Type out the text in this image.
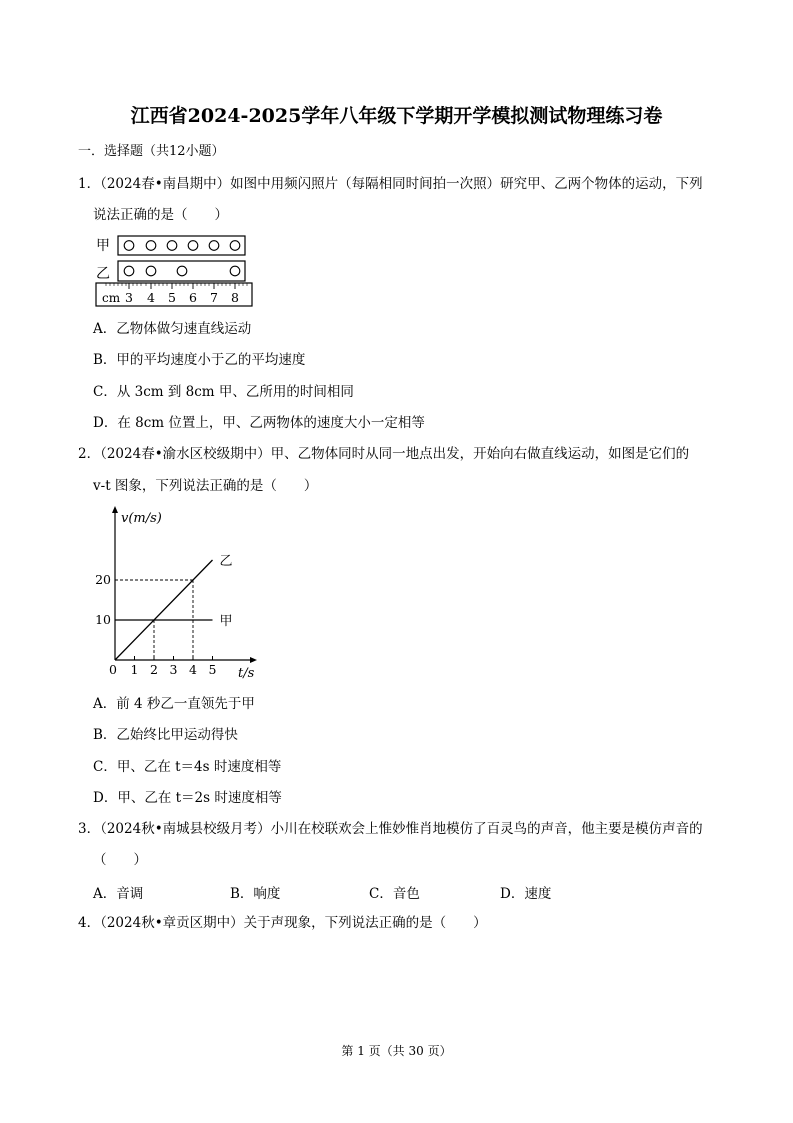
江西省2024-2025学年八年级下学期开学模拟测试物理练习卷
一．选择题（共12小题）
1．（2024春•南昌期中）如图中用频闪照片（每隔相同时间拍一次照）研究甲、乙两个物体的运动，下列
说法正确的是（　　）
甲
乙
cm 3 4 5 6 7 8
A．乙物体做匀速直线运动
B．甲的平均速度小于乙的平均速度
C．从 3cm 到 8cm 甲、乙所用的时间相同
D．在 8cm 位置上，甲、乙两物体的速度大小一定相等
2．（2024春•渝水区校级期中）甲、乙物体同时从同一地点出发，开始向右做直线运动，如图是它们的
v-t 图象，下列说法正确的是（　　）
v(m/s)
t/s
0 1 2 3 4 5
10
20
乙
甲
A．前 4 秒乙一直领先于甲
B．乙始终比甲运动得快
C．甲、乙在 t＝4s 时速度相等
D．甲、乙在 t＝2s 时速度相等
3．（2024秋•南城县校级月考）小川在校联欢会上惟妙惟肖地模仿了百灵鸟的声音，他主要是模仿声音的
（　　）
A．音调	B．响度	C．音色	D．速度
4．（2024秋•章贡区期中）关于声现象，下列说法正确的是（　　）
第 1 页（共 30 页）
